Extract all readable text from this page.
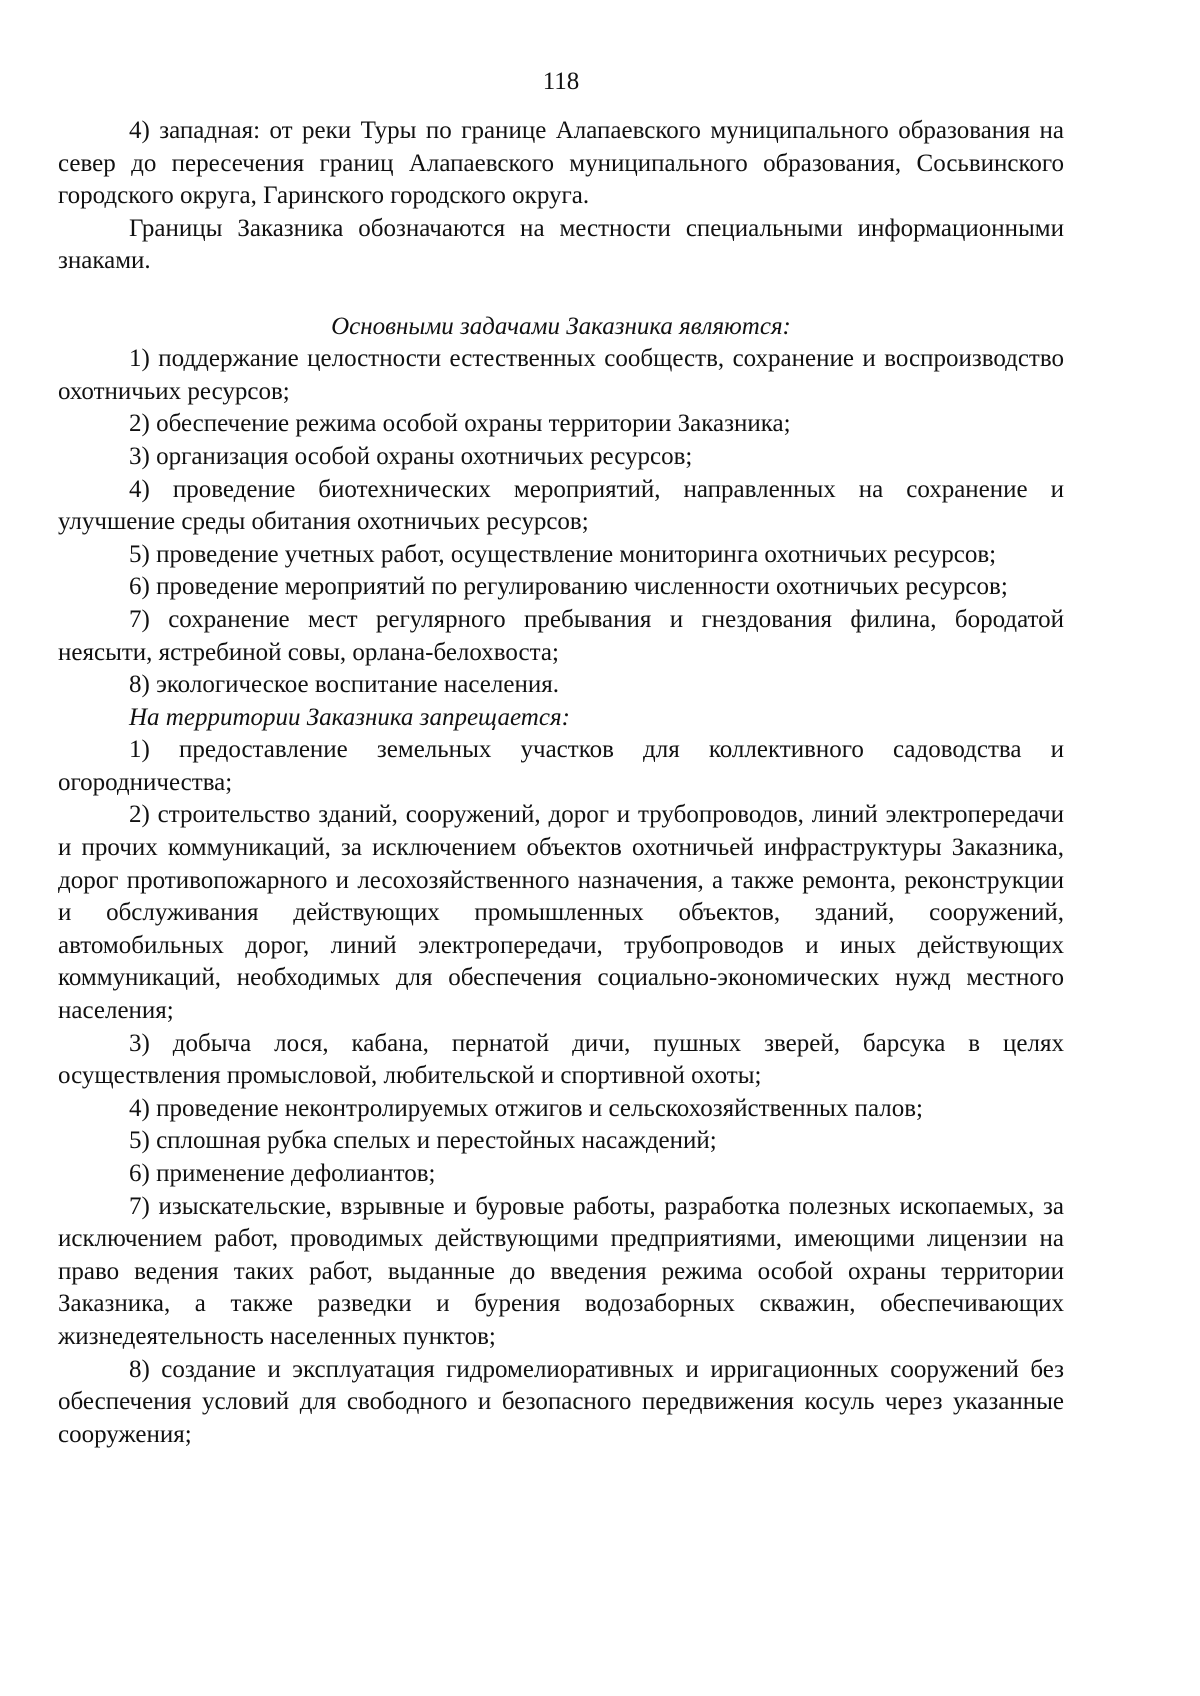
118

4) западная: от реки Туры по границе Алапаевского муниципального образования на север до пересечения границ Алапаевского муниципального образования, Сосьвинского городского округа, Гаринского городского округа.

Границы Заказника обозначаются на местности специальными информационными знаками.

Основными задачами Заказника являются:

1) поддержание целостности естественных сообществ, сохранение и воспроизводство охотничьих ресурсов;

2) обеспечение режима особой охраны территории Заказника;

3) организация особой охраны охотничьих ресурсов;

4) проведение биотехнических мероприятий, направленных на сохранение и улучшение среды обитания охотничьих ресурсов;

5) проведение учетных работ, осуществление мониторинга охотничьих ресурсов;

6) проведение мероприятий по регулированию численности охотничьих ресурсов;

7) сохранение мест регулярного пребывания и гнездования филина, бородатой неясыти, ястребиной совы, орлана-белохвоста;

8) экологическое воспитание населения.

На территории Заказника запрещается:

1) предоставление земельных участков для коллективного садоводства и огородничества;

2) строительство зданий, сооружений, дорог и трубопроводов, линий электропередачи и прочих коммуникаций, за исключением объектов охотничьей инфраструктуры Заказника, дорог противопожарного и лесохозяйственного назначения, а также ремонта, реконструкции и обслуживания действующих промышленных объектов, зданий, сооружений, автомобильных дорог, линий электропередачи, трубопроводов и иных действующих коммуникаций, необходимых для обеспечения социально-экономических нужд местного населения;

3) добыча лося, кабана, пернатой дичи, пушных зверей, барсука в целях осуществления промысловой, любительской и спортивной охоты;

4) проведение неконтролируемых отжигов и сельскохозяйственных палов;

5) сплошная рубка спелых и перестойных насаждений;

6) применение дефолиантов;

7) изыскательские, взрывные и буровые работы, разработка полезных ископаемых, за исключением работ, проводимых действующими предприятиями, имеющими лицензии на право ведения таких работ, выданные до введения режима особой охраны территории Заказника, а также разведки и бурения водозаборных скважин, обеспечивающих жизнедеятельность населенных пунктов;

8) создание и эксплуатация гидромелиоративных и ирригационных сооружений без обеспечения условий для свободного и безопасного передвижения косуль через указанные сооружения;
